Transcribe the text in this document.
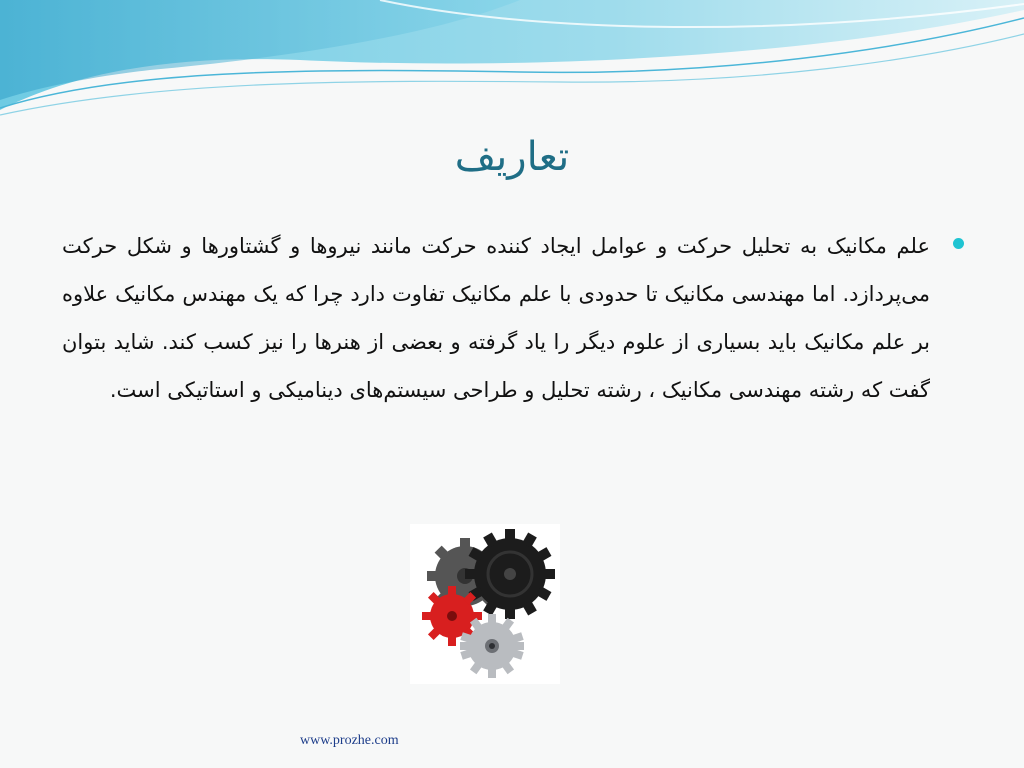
تعاریف

علم مکانیک به تحلیل حرکت و عوامل ایجاد کننده حرکت مانند نیروها و گشتاورها و شکل حرکت می‌پردازد. اما مهندسی مکانیک تا حدودی با علم مکانیک تفاوت دارد چرا که یک مهندس مکانیک علاوه بر علم مکانیک باید بسیاری از علوم دیگر را یاد گرفته و بعضی از هنرها را نیز کسب کند. شاید بتوان گفت که رشته مهندسی مکانیک ، رشته تحلیل و طراحی سیستم‌های دینامیکی و استاتیکی است.

www.prozhe.com
